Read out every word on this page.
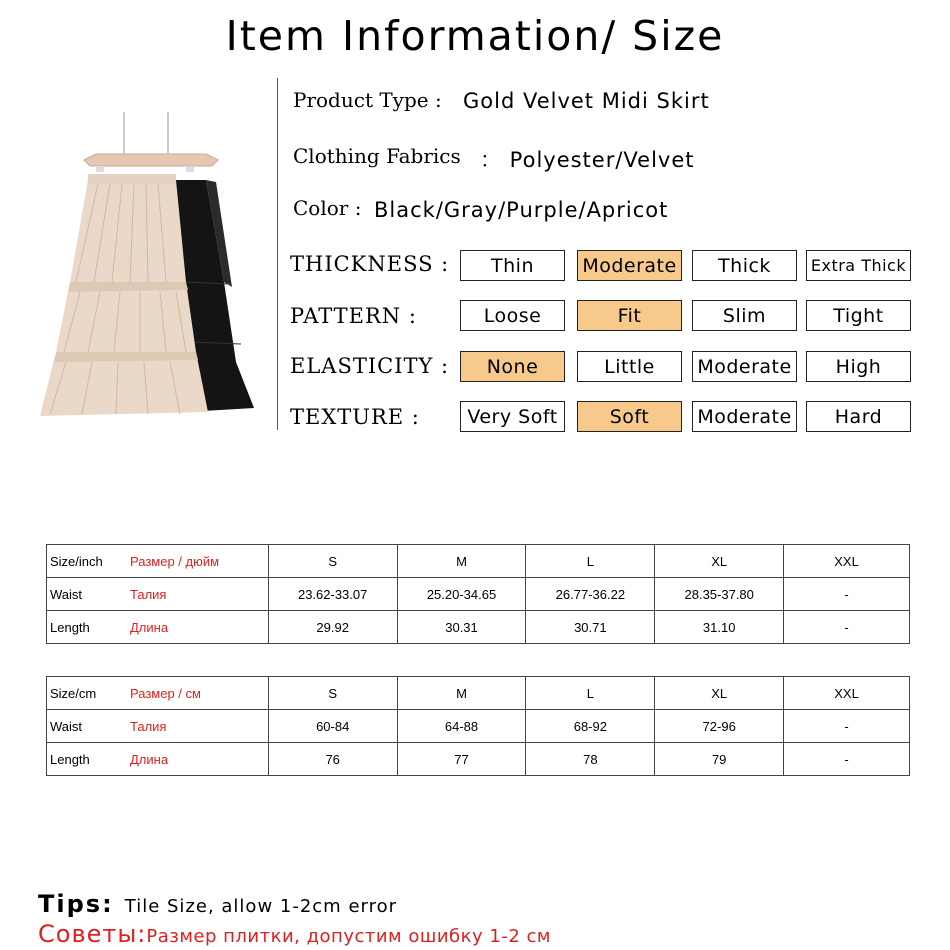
Item Information/ Size
Product Type : Gold Velvet Midi Skirt
Clothing Fabrics ： Polyester/Velvet
Color : Black/Gray/Purple/Apricot
THICKNESS :	Thin	Moderate	Thick	Extra Thick
PATTERN :	Loose	Fit	Slim	Tight
ELASTICITY :	None	Little	Moderate	High
TEXTURE :	Very Soft	Soft	Moderate	Hard
Size/inch Размер / дюйм	S	M	L	XL	XXL
Waist Талия	23.62-33.07	25.20-34.65	26.77-36.22	28.35-37.80	-
Length Длина	29.92	30.31	30.71	31.10	-
Size/cm Размер / см	S	M	L	XL	XXL
Waist Талия	60-84	64-88	68-92	72-96	-
Length Длина	76	77	78	79	-
Tips: Tile Size, allow 1-2cm error
Советы:Размер плитки, допустим ошибку 1-2 см
